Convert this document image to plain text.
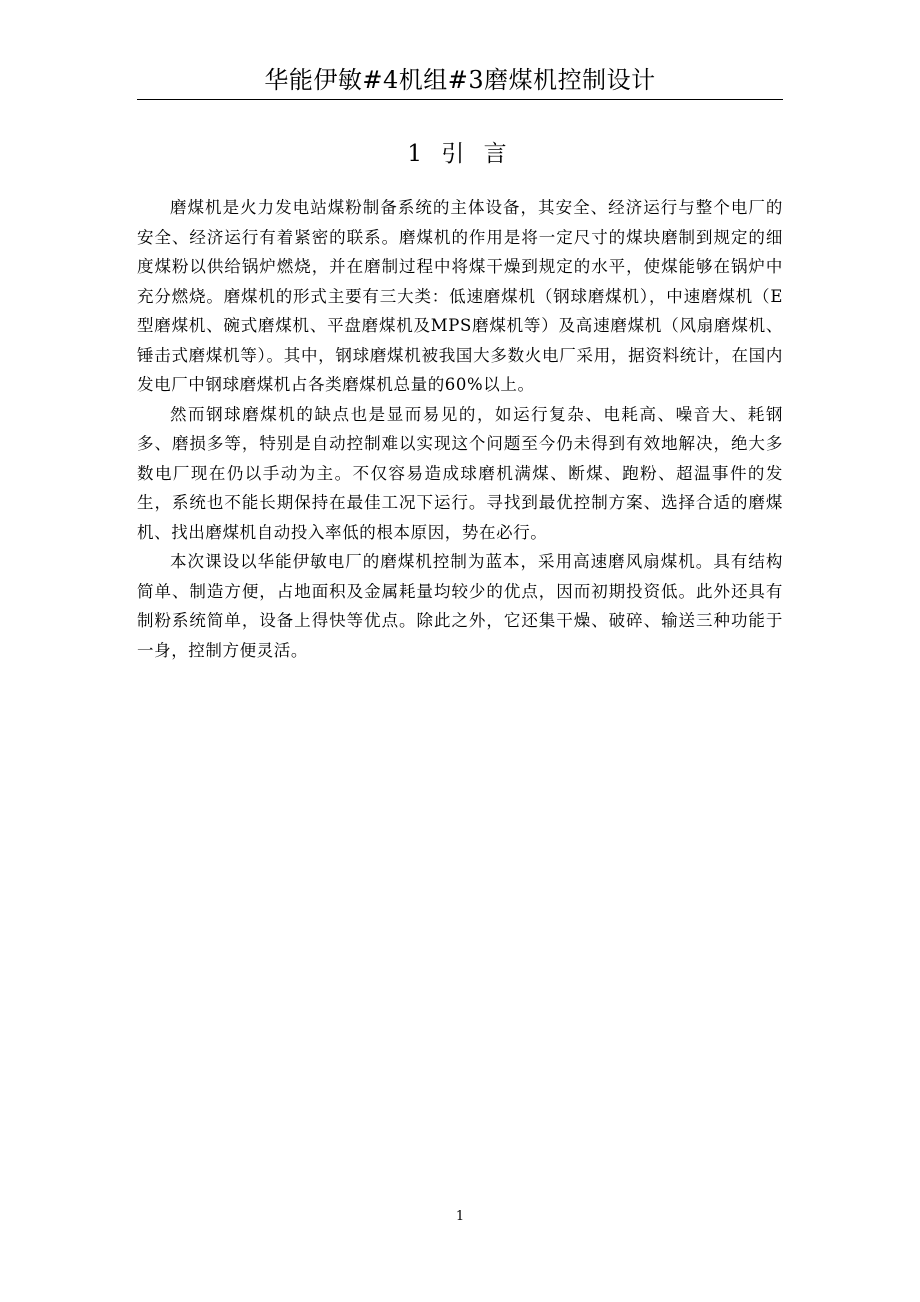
华能伊敏#4机组#3磨煤机控制设计
1 引 言

磨煤机是火力发电站煤粉制备系统的主体设备，其安全、经济运行与整个电厂的安全、经济运行有着紧密的联系。磨煤机的作用是将一定尺寸的煤块磨制到规定的细度煤粉以供给锅炉燃烧，并在磨制过程中将煤干燥到规定的水平，使煤能够在锅炉中充分燃烧。磨煤机的形式主要有三大类：低速磨煤机（钢球磨煤机），中速磨煤机（E型磨煤机、碗式磨煤机、平盘磨煤机及MPS磨煤机等）及高速磨煤机（风扇磨煤机、锤击式磨煤机等）。其中，钢球磨煤机被我国大多数火电厂采用，据资料统计，在国内发电厂中钢球磨煤机占各类磨煤机总量的60%以上。

然而钢球磨煤机的缺点也是显而易见的，如运行复杂、电耗高、噪音大、耗钢多、磨损多等，特别是自动控制难以实现这个问题至今仍未得到有效地解决，绝大多数电厂现在仍以手动为主。不仅容易造成球磨机满煤、断煤、跑粉、超温事件的发生，系统也不能长期保持在最佳工况下运行。寻找到最优控制方案、选择合适的磨煤机、找出磨煤机自动投入率低的根本原因，势在必行。

本次课设以华能伊敏电厂的磨煤机控制为蓝本，采用高速磨风扇煤机。具有结构简单、制造方便，占地面积及金属耗量均较少的优点，因而初期投资低。此外还具有制粉系统简单，设备上得快等优点。除此之外，它还集干燥、破碎、输送三种功能于一身，控制方便灵活。

1
